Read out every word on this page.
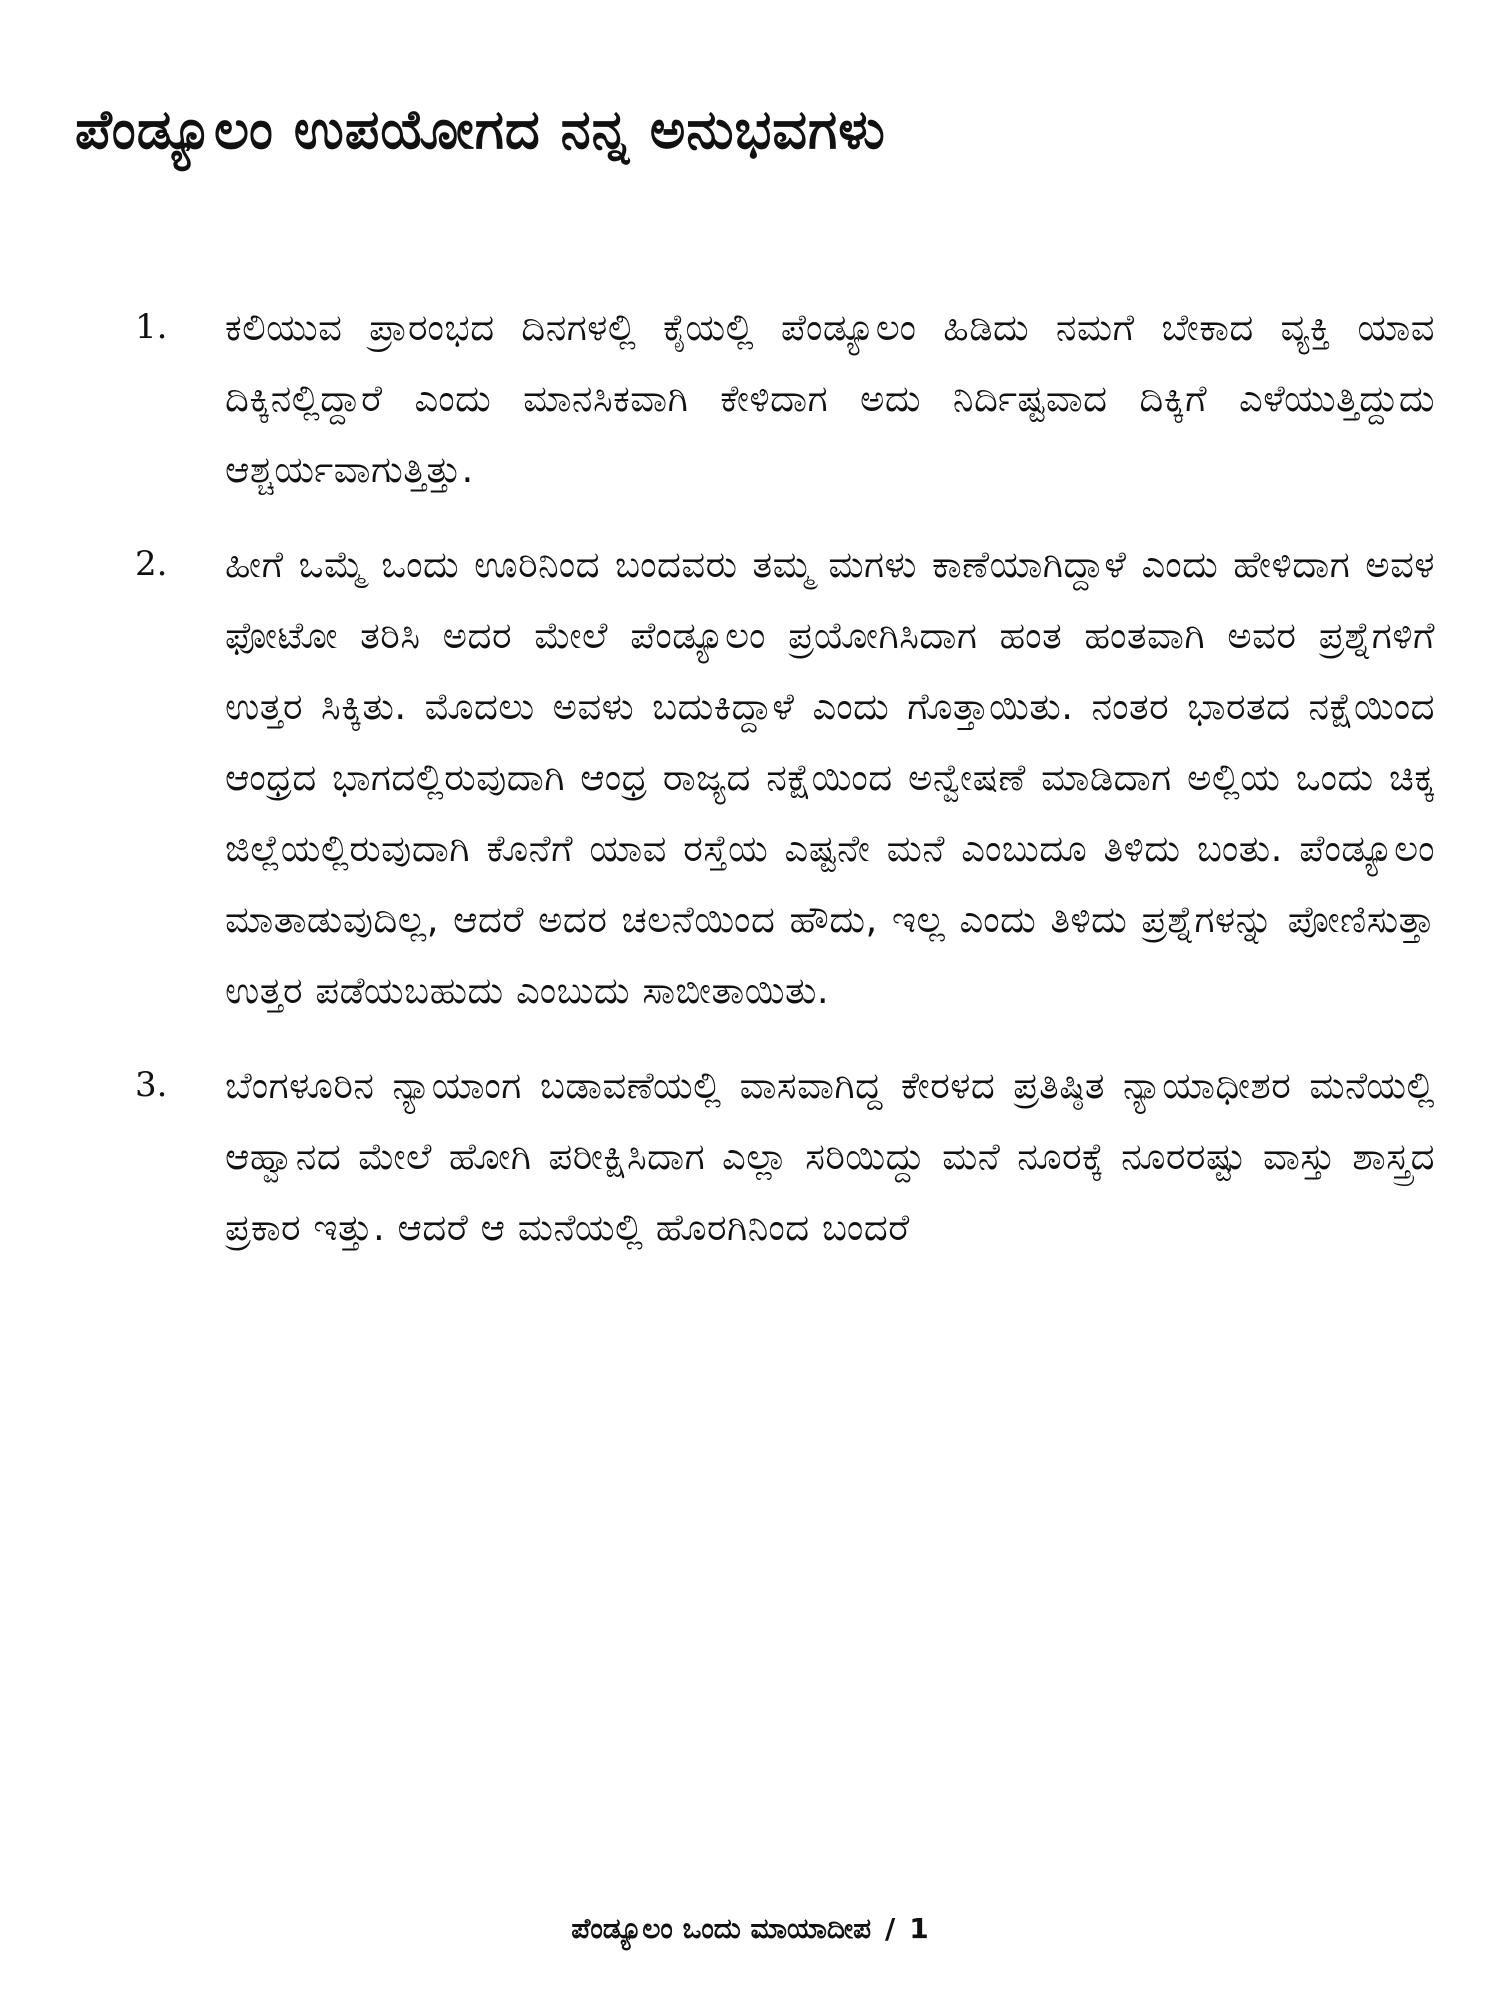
ಪೆಂಡ್ಯೂಲಂ ಉಪಯೋಗದ ನನ್ನ ಅನುಭವಗಳು
1. ಕಲಿಯುವ ಪ್ರಾರಂಭದ ದಿನಗಳಲ್ಲಿ ಕೈಯಲ್ಲಿ ಪೆಂಡ್ಯೂಲಂ ಹಿಡಿದು ನಮಗೆ ಬೇಕಾದ ವ್ಯಕ್ತಿ ಯಾವ ದಿಕ್ಕಿನಲ್ಲಿದ್ದಾರೆ ಎಂದು ಮಾನಸಿಕವಾಗಿ ಕೇಳಿದಾಗ ಅದು ನಿರ್ದಿಷ್ಟವಾದ ದಿಕ್ಕಿಗೆ ಎಳೆಯುತ್ತಿದ್ದುದು ಆಶ್ಚರ್ಯವಾಗುತ್ತಿತ್ತು.
2. ಹೀಗೆ ಒಮ್ಮೆ ಒಂದು ಊರಿನಿಂದ ಬಂದವರು ತಮ್ಮ ಮಗಳು ಕಾಣೆಯಾಗಿದ್ದಾಳೆ ಎಂದು ಹೇಳಿದಾಗ ಅವಳ ಫೋಟೋ ತರಿಸಿ ಅದರ ಮೇಲೆ ಪೆಂಡ್ಯೂಲಂ ಪ್ರಯೋಗಿಸಿದಾಗ ಹಂತ ಹಂತವಾಗಿ ಅವರ ಪ್ರಶ್ನೆಗಳಿಗೆ ಉತ್ತರ ಸಿಕ್ಕಿತು. ಮೊದಲು ಅವಳು ಬದುಕಿದ್ದಾಳೆ ಎಂದು ಗೊತ್ತಾಯಿತು. ನಂತರ ಭಾರತದ ನಕ್ಷೆಯಿಂದ ಆಂಧ್ರದ ಭಾಗದಲ್ಲಿರುವುದಾಗಿ ಆಂಧ್ರ ರಾಜ್ಯದ ನಕ್ಷೆಯಿಂದ ಅನ್ವೇಷಣೆ ಮಾಡಿದಾಗ ಅಲ್ಲಿಯ ಒಂದು ಚಿಕ್ಕ ಜಿಲ್ಲೆಯಲ್ಲಿರುವುದಾಗಿ ಕೊನೆಗೆ ಯಾವ ರಸ್ತೆಯ ಎಷ್ಟನೇ ಮನೆ ಎಂಬುದೂ ತಿಳಿದು ಬಂತು. ಪೆಂಡ್ಯೂಲಂ ಮಾತಾಡುವುದಿಲ್ಲ, ಆದರೆ ಅದರ ಚಲನೆಯಿಂದ ಹೌದು, ಇಲ್ಲ ಎಂದು ತಿಳಿದು ಪ್ರಶ್ನೆಗಳನ್ನು ಪೋಣಿಸುತ್ತಾ ಉತ್ತರ ಪಡೆಯಬಹುದು ಎಂಬುದು ಸಾಬೀತಾಯಿತು.
3. ಬೆಂಗಳೂರಿನ ನ್ಯಾಯಾಂಗ ಬಡಾವಣೆಯಲ್ಲಿ ವಾಸವಾಗಿದ್ದ ಕೇರಳದ ಪ್ರತಿಷ್ಠಿತ ನ್ಯಾಯಾಧೀಶರ ಮನೆಯಲ್ಲಿ ಆಹ್ವಾನದ ಮೇಲೆ ಹೋಗಿ ಪರೀಕ್ಷಿಸಿದಾಗ ಎಲ್ಲಾ ಸರಿಯಿದ್ದು ಮನೆ ನೂರಕ್ಕೆ ನೂರರಷ್ಟು ವಾಸ್ತು ಶಾಸ್ತ್ರದ ಪ್ರಕಾರ ಇತ್ತು. ಆದರೆ ಆ ಮನೆಯಲ್ಲಿ ಹೊರಗಿನಿಂದ ಬಂದರೆ
ಪೆಂಡ್ಯೂಲಂ ಒಂದು ಮಾಯಾದೀಪ / 1
